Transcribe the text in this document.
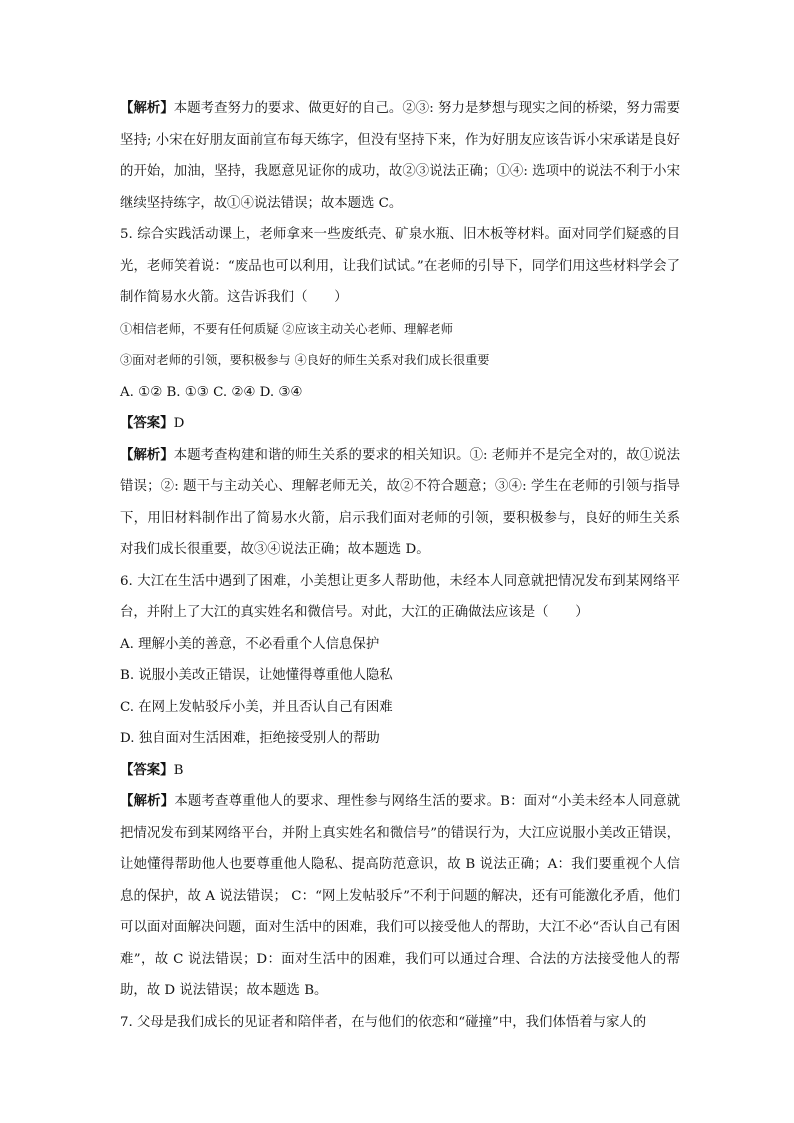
【解析】本题考查努力的要求、做更好的自己。②③: 努力是梦想与现实之间的桥梁，努力需要坚持; 小宋在好朋友面前宣布每天练字，但没有坚持下来，作为好朋友应该告诉小宋承诺是良好的开始，加油，坚持，我愿意见证你的成功，故②③说法正确；①④: 选项中的说法不利于小宋继续坚持练字，故①④说法错误；故本题选 C。

5. 综合实践活动课上，老师拿来一些废纸壳、矿泉水瓶、旧木板等材料。面对同学们疑惑的目光，老师笑着说：“废品也可以利用，让我们试试。”在老师的引导下，同学们用这些材料学会了制作简易水火箭。这告诉我们（　　）

①相信老师，不要有任何质疑 ②应该主动关心老师、理解老师

③面对老师的引领，要积极参与 ④良好的师生关系对我们成长很重要

A. ①② B. ①③ C. ②④ D. ③④

【答案】D

【解析】本题考查构建和谐的师生关系的要求的相关知识。①: 老师并不是完全对的，故①说法错误；②: 题干与主动关心、理解老师无关，故②不符合题意；③④: 学生在老师的引领与指导下，用旧材料制作出了简易水火箭，启示我们面对老师的引领，要积极参与，良好的师生关系对我们成长很重要，故③④说法正确；故本题选 D。

6. 大江在生活中遇到了困难，小美想让更多人帮助他，未经本人同意就把情况发布到某网络平台，并附上了大江的真实姓名和微信号。对此，大江的正确做法应该是（　　）

A. 理解小美的善意，不必看重个人信息保护

B. 说服小美改正错误，让她懂得尊重他人隐私

C. 在网上发帖驳斥小美，并且否认自己有困难

D. 独自面对生活困难，拒绝接受别人的帮助

【答案】B

【解析】本题考查尊重他人的要求、理性参与网络生活的要求。B：面对“小美未经本人同意就把情况发布到某网络平台，并附上真实姓名和微信号”的错误行为，大江应说服小美改正错误，让她懂得帮助他人也要尊重他人隐私、提高防范意识，故 B 说法正确；A：我们要重视个人信息的保护，故 A 说法错误； C：“网上发帖驳斥”不利于问题的解决，还有可能激化矛盾，他们可以面对面解决问题，面对生活中的困难，我们可以接受他人的帮助，大江不必“否认自己有困难”，故 C 说法错误；D：面对生活中的困难，我们可以通过合理、合法的方法接受他人的帮助，故 D 说法错误；故本题选 B。

7. 父母是我们成长的见证者和陪伴者，在与他们的依恋和“碰撞”中，我们体悟着与家人的
